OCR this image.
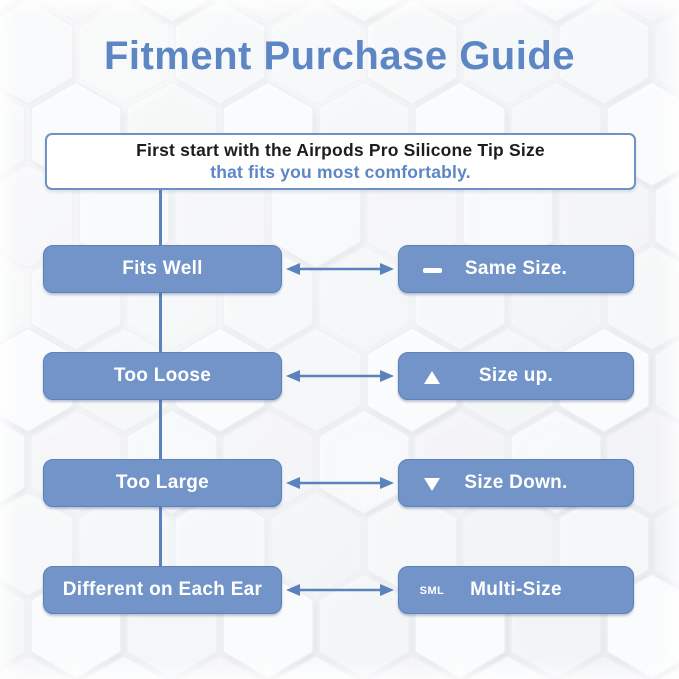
Fitment Purchase Guide
First start with the Airpods Pro Silicone Tip Size
that fits you most comfortably.
Fits Well	Same Size.
Too Loose	Size up.
Too Large	Size Down.
Different on Each Ear	SML	Multi-Size
